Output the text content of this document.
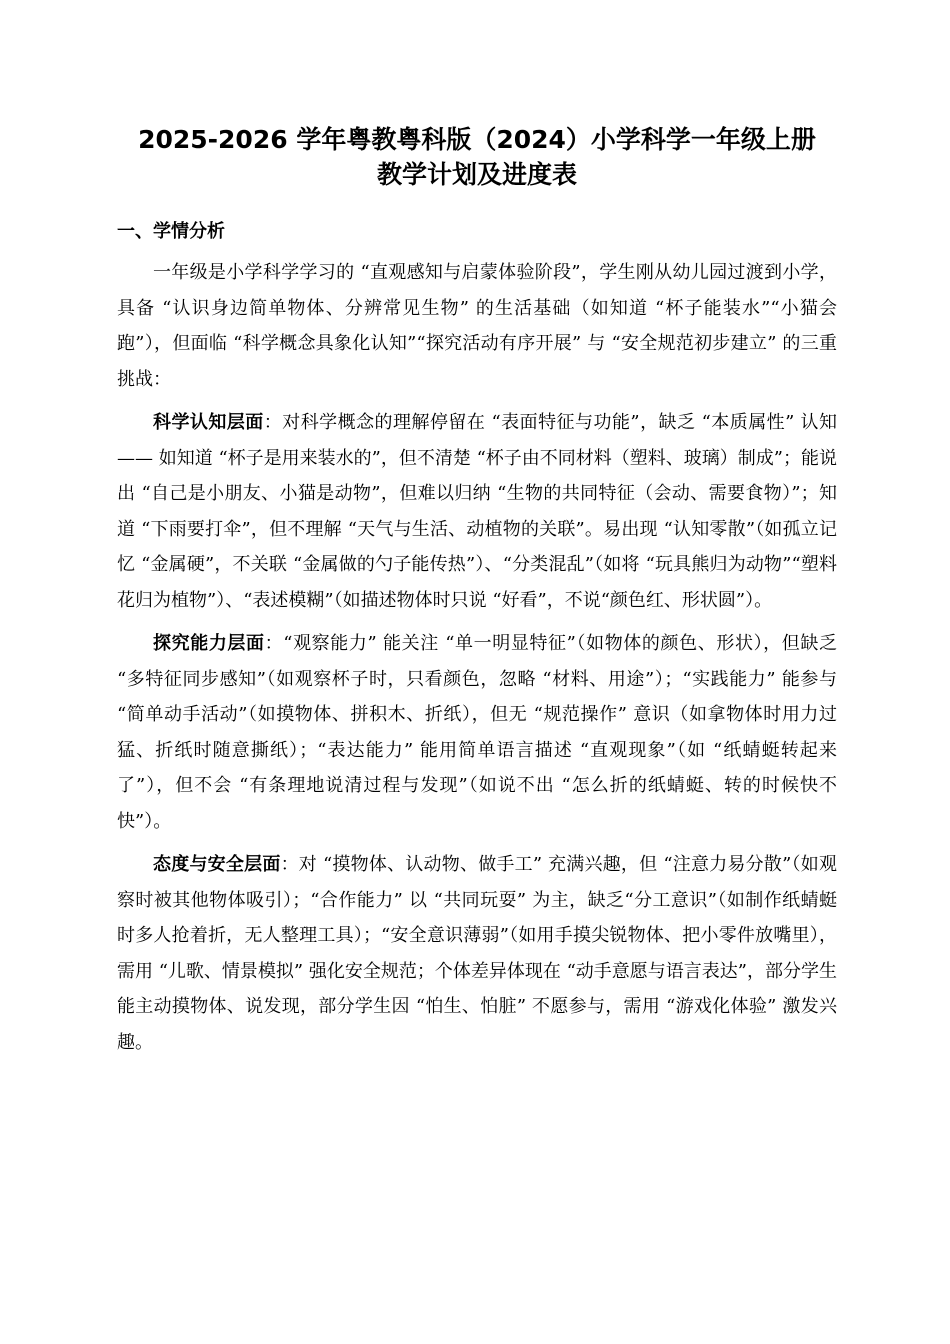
2025-2026 学年粤教粤科版（2024）小学科学一年级上册
教学计划及进度表
一、学情分析

一年级是小学科学学习的 “直观感知与启蒙体验阶段”，学生刚从幼儿园过渡到小学，具备 “认识身边简单物体、分辨常见生物” 的生活基础（如知道 “杯子能装水”“小猫会跑”），但面临 “科学概念具象化认知”“探究活动有序开展” 与 “安全规范初步建立” 的三重挑战：

科学认知层面：对科学概念的理解停留在 “表面特征与功能”，缺乏 “本质属性” 认知 —— 如知道 “杯子是用来装水的”，但不清楚 “杯子由不同材料（塑料、玻璃）制成”；能说出 “自己是小朋友、小猫是动物”，但难以归纳 “生物的共同特征（会动、需要食物）”；知道 “下雨要打伞”，但不理解 “天气与生活、动植物的关联”。易出现 “认知零散”（如孤立记忆 “金属硬”，不关联 “金属做的勺子能传热”）、“分类混乱”（如将 “玩具熊归为动物”“塑料花归为植物”）、“表述模糊”（如描述物体时只说 “好看”，不说“颜色红、形状圆”）。

探究能力层面：“观察能力” 能关注 “单一明显特征”（如物体的颜色、形状），但缺乏 “多特征同步感知”（如观察杯子时，只看颜色，忽略 “材料、用途”）；“实践能力” 能参与 “简单动手活动”（如摸物体、拼积木、折纸），但无 “规范操作” 意识（如拿物体时用力过猛、折纸时随意撕纸）；“表达能力” 能用简单语言描述 “直观现象”（如 “纸蜻蜓转起来了”），但不会 “有条理地说清过程与发现”（如说不出 “怎么折的纸蜻蜓、转的时候快不快”）。

态度与安全层面：对 “摸物体、认动物、做手工” 充满兴趣，但 “注意力易分散”（如观察时被其他物体吸引）；“合作能力” 以 “共同玩耍” 为主，缺乏“分工意识”（如制作纸蜻蜓时多人抢着折，无人整理工具）；“安全意识薄弱”（如用手摸尖锐物体、把小零件放嘴里），需用 “儿歌、情景模拟” 强化安全规范；个体差异体现在 “动手意愿与语言表达”，部分学生能主动摸物体、说发现，部分学生因 “怕生、怕脏” 不愿参与，需用 “游戏化体验” 激发兴趣。
